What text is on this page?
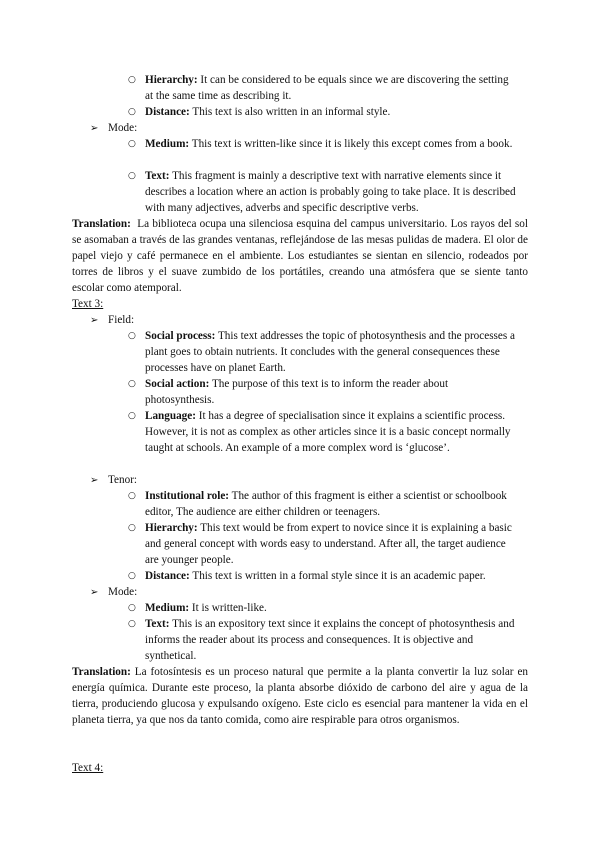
○ Hierarchy: It can be considered to be equals since we are discovering the setting at the same time as describing it.
○ Distance: This text is also written in an informal style.
➢ Mode:
○ Medium: This text is written-like since it is likely this except comes from a book.
○ Text: This fragment is mainly a descriptive text with narrative elements since it describes a location where an action is probably going to take place. It is described with many adjectives, adverbs and specific descriptive verbs.

Translation: La biblioteca ocupa una silenciosa esquina del campus universitario. Los rayos del sol se asomaban a través de las grandes ventanas, reflejándose de las mesas pulidas de madera. El olor de papel viejo y café permanece en el ambiente. Los estudiantes se sientan en silencio, rodeados por torres de libros y el suave zumbido de los portátiles, creando una atmósfera que se siente tanto escolar como atemporal.

Text 3:

➢ Field:
○ Social process: This text addresses the topic of photosynthesis and the processes a plant goes to obtain nutrients. It concludes with the general consequences these processes have on planet Earth.
○ Social action: The purpose of this text is to inform the reader about photosynthesis.
○ Language: It has a degree of specialisation since it explains a scientific process. However, it is not as complex as other articles since it is a basic concept normally taught at schools. An example of a more complex word is ‘glucose’.
➢ Tenor:
○ Institutional role: The author of this fragment is either a scientist or schoolbook editor, The audience are either children or teenagers.
○ Hierarchy: This text would be from expert to novice since it is explaining a basic and general concept with words easy to understand. After all, the target audience are younger people.
○ Distance: This text is written in a formal style since it is an academic paper.
➢ Mode:
○ Medium: It is written-like.
○ Text: This is an expository text since it explains the concept of photosynthesis and informs the reader about its process and consequences. It is objective and synthetical.

Translation: La fotosíntesis es un proceso natural que permite a la planta convertir la luz solar en energía química. Durante este proceso, la planta absorbe dióxido de carbono del aire y agua de la tierra, produciendo glucosa y expulsando oxígeno. Este ciclo es esencial para mantener la vida en el planeta tierra, ya que nos da tanto comida, como aire respirable para otros organismos.

Text 4:
